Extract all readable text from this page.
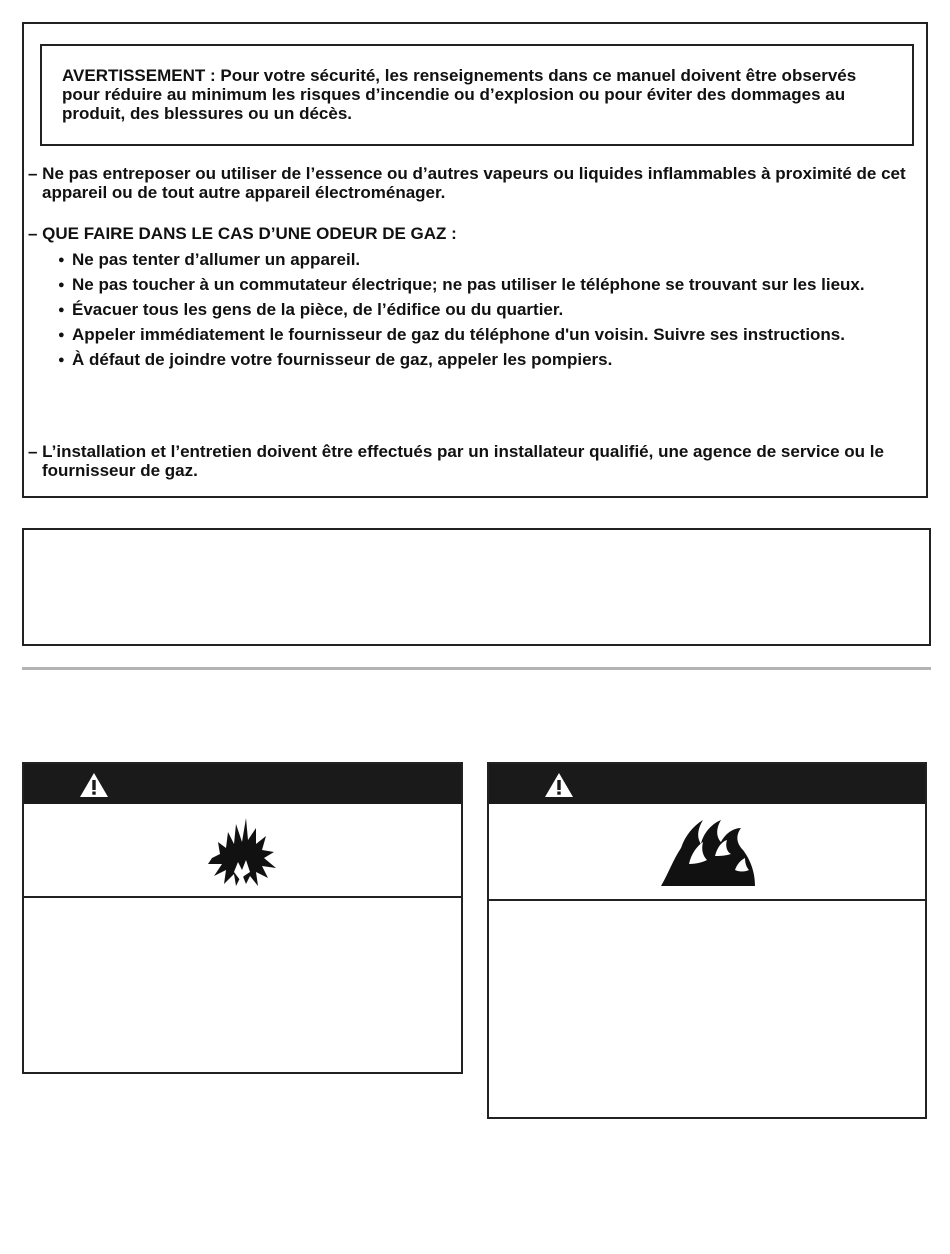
AVERTISSEMENT : Pour votre sécurité, les renseignements dans ce manuel doivent être observés pour réduire au minimum les risques d’incendie ou d’explosion ou pour éviter des dommages au produit, des blessures ou un décès.
– Ne pas entreposer ou utiliser de l’essence ou d’autres vapeurs ou liquides inflammables à proximité de cet appareil ou de tout autre appareil électroménager.
– QUE FAIRE DANS LE CAS D’UNE ODEUR DE GAZ :
● Ne pas tenter d’allumer un appareil.
● Ne pas toucher à un commutateur électrique; ne pas utiliser le téléphone se trouvant sur les lieux.
● Évacuer tous les gens de la pièce, de l’édifice ou du quartier.
● Appeler immédiatement le fournisseur de gaz du téléphone d'un voisin. Suivre ses instructions.
● À défaut de joindre votre fournisseur de gaz, appeler les pompiers.
– L’installation et l’entretien doivent être effectués par un installateur qualifié, une agence de service ou le fournisseur de gaz.
